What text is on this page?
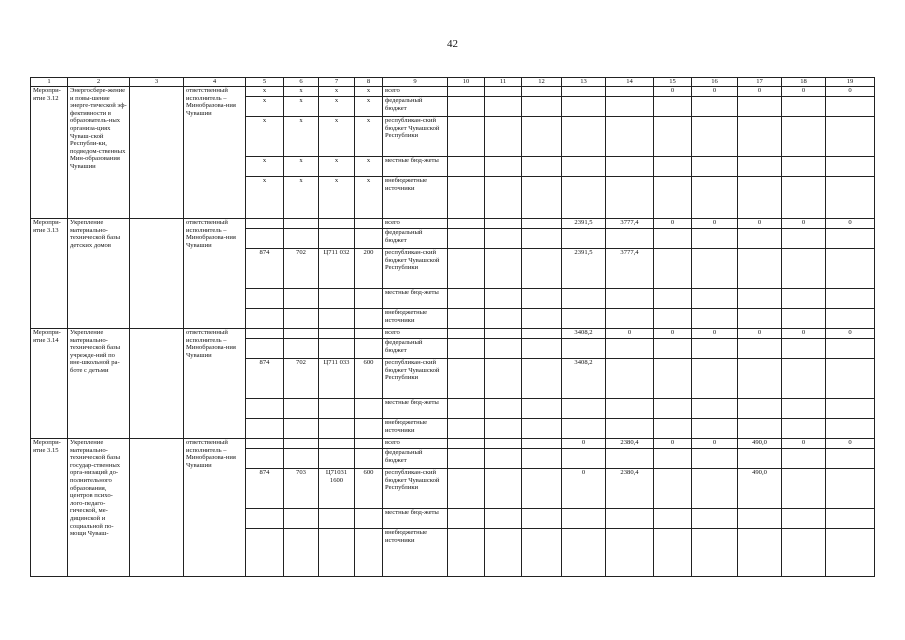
42
1	2	3	4	5	6	7	8	9	10	11	12	13	14	15	16	17	18	19
Меропри-ятие 3.12	Энергосбере-жение и повы-шение энерге-тической эф-фективности в образователь-ных организа-циях Чуваш-ской Республи-ки, подведом-ственных Мин-образования Чувашии		ответственный исполнитель – Минобразова-ния Чувашии	x	x	x	x	всего						0	0	0	0	0
				x	x	x	x	федеральный бюджет										
				x	x	x	x	республикан-ский бюджет Чувашской Республики										
				x	x	x	x	местные бюд-жеты										
				x	x	x	x	внебюджетные источники										
Меропри-ятие 3.13	Укрепление материально-технической базы детских домов		ответственный исполнитель – Минобразова-ния Чувашии					всего				2391,5	3777,4	0	0	0	0	0
								федеральный бюджет										
				874	702	Ц711 032	200	республикан-ский бюджет Чувашской Республики				2391,5	3777,4					
								местные бюд-жеты										
								внебюджетные источники										
Меропри-ятие 3.14	Укрепление материально-технической базы учрежде-ний по вне-школьной ра-боте с детьми		ответственный исполнитель – Минобразова-ния Чувашии					всего				3408,2	0	0	0	0	0	0
								федеральный бюджет										
				874	702	Ц711 033	600	республикан-ский бюджет Чувашской Республики				3408,2						
								местные бюд-жеты										
								внебюджетные источники										
Меропри-ятие 3.15	Укрепление материально-технической базы государ-ственных орга-низаций до-полнительного образования, центров психо-лого-педаго-гической, ме-дицинской и социальной по-мощи Чуваш-		ответственный исполнитель – Минобразова-ния Чувашии					всего				0	2380,4	0	0	490,0	0	0
								федеральный бюджет										
				874	703	Ц71031 1600	600	республикан-ский бюджет Чувашской Республики				0	2380,4			490,0		
								местные бюд-жеты										
								внебюджетные источники										
